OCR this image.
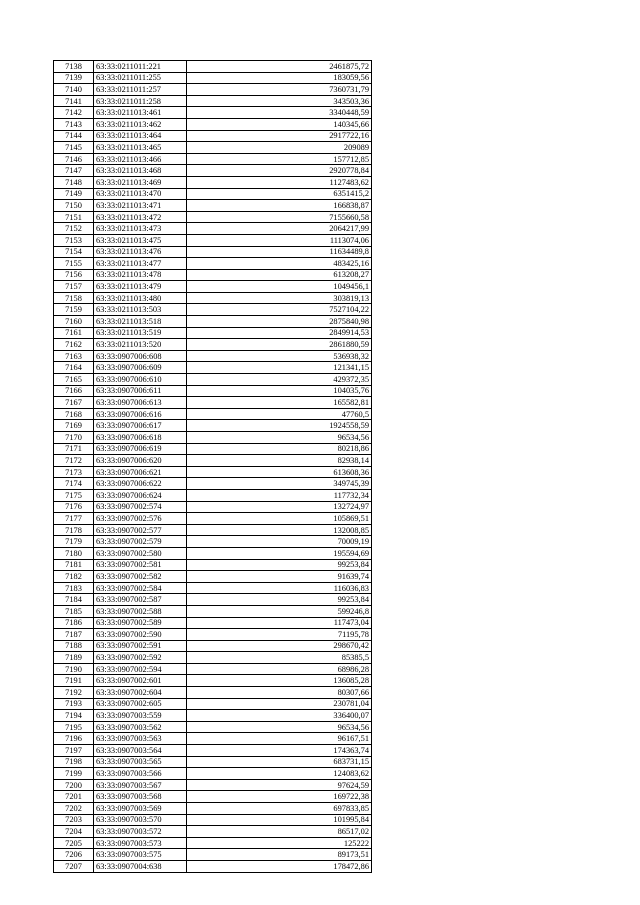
7138	63:33:0211011:221	2461875,72
7139	63:33:0211011:255	183059,56
7140	63:33:0211011:257	7360731,79
7141	63:33:0211011:258	343503,36
7142	63:33:0211013:461	3340448,59
7143	63:33:0211013:462	140345,66
7144	63:33:0211013:464	2917722,16
7145	63:33:0211013:465	209089
7146	63:33:0211013:466	157712,85
7147	63:33:0211013:468	2920778,84
7148	63:33:0211013:469	1127483,62
7149	63:33:0211013:470	6351415,2
7150	63:33:0211013:471	166838,87
7151	63:33:0211013:472	7155660,58
7152	63:33:0211013:473	2064217,99
7153	63:33:0211013:475	1113074,06
7154	63:33:0211013:476	11634489,8
7155	63:33:0211013:477	483425,16
7156	63:33:0211013:478	613208,27
7157	63:33:0211013:479	1049456,1
7158	63:33:0211013:480	303819,13
7159	63:33:0211013:503	7527104,22
7160	63:33:0211013:518	2875840,98
7161	63:33:0211013:519	2849914,53
7162	63:33:0211013:520	2861880,59
7163	63:33:0907006:608	536938,32
7164	63:33:0907006:609	121341,15
7165	63:33:0907006:610	429372,35
7166	63:33:0907006:611	104035,76
7167	63:33:0907006:613	165582,81
7168	63:33:0907006:616	47760,5
7169	63:33:0907006:617	1924558,59
7170	63:33:0907006:618	96534,56
7171	63:33:0907006:619	80218,86
7172	63:33:0907006:620	82938,14
7173	63:33:0907006:621	613608,36
7174	63:33:0907006:622	349745,39
7175	63:33:0907006:624	117732,34
7176	63:33:0907002:574	132724,97
7177	63:33:0907002:576	105869,51
7178	63:33:0907002:577	132008,85
7179	63:33:0907002:579	70009,19
7180	63:33:0907002:580	195594,69
7181	63:33:0907002:581	99253,84
7182	63:33:0907002:582	91639,74
7183	63:33:0907002:584	116036,83
7184	63:33:0907002:587	99253,84
7185	63:33:0907002:588	599246,8
7186	63:33:0907002:589	117473,04
7187	63:33:0907002:590	71195,78
7188	63:33:0907002:591	298670,42
7189	63:33:0907002:592	85385,5
7190	63:33:0907002:594	68986,28
7191	63:33:0907002:601	136085,28
7192	63:33:0907002:604	80307,66
7193	63:33:0907002:605	230781,04
7194	63:33:0907003:559	336400,07
7195	63:33:0907003:562	96534,56
7196	63:33:0907003:563	96167,51
7197	63:33:0907003:564	174363,74
7198	63:33:0907003:565	683731,15
7199	63:33:0907003:566	124083,62
7200	63:33:0907003:567	97624,59
7201	63:33:0907003:568	169722,38
7202	63:33:0907003:569	697833,85
7203	63:33:0907003:570	101995,84
7204	63:33:0907003:572	86517,02
7205	63:33:0907003:573	125222
7206	63:33:0907003:575	89173,51
7207	63:33:0907004:638	178472,86
